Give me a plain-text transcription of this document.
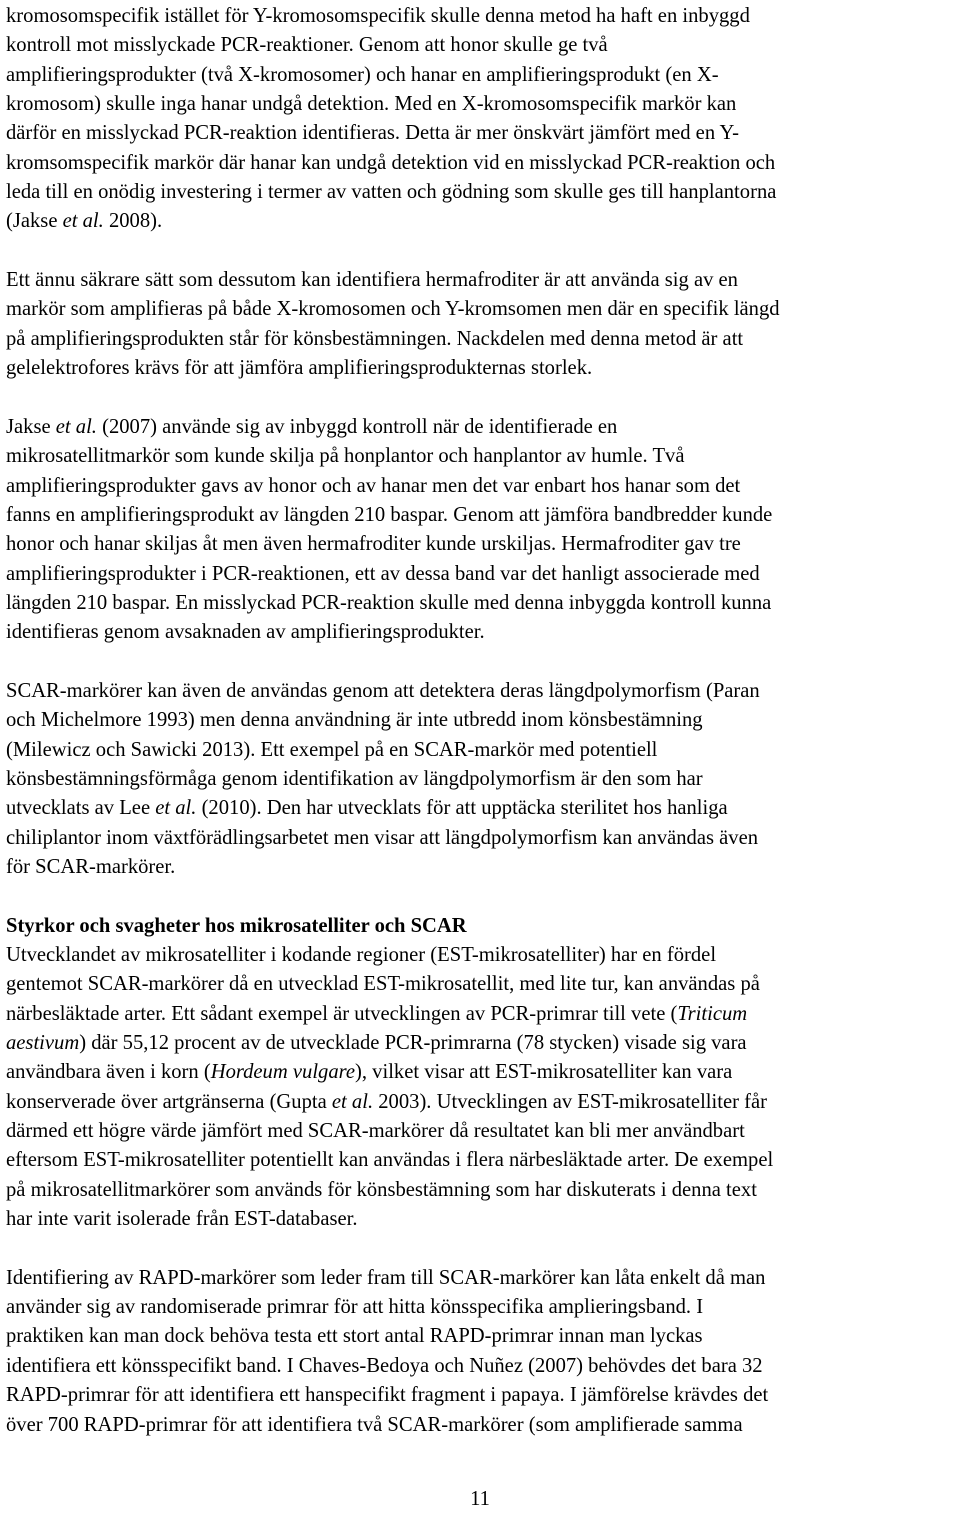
kromosomspecifik istället för Y-kromosomspecifik skulle denna metod ha haft en inbyggd
kontroll mot misslyckade PCR-reaktioner. Genom att honor skulle ge två
amplifieringsprodukter (två X-kromosomer) och hanar en amplifieringsprodukt (en X-
kromosom) skulle inga hanar undgå detektion. Med en X-kromosomspecifik markör kan
därför en misslyckad PCR-reaktion identifieras. Detta är mer önskvärt jämfört med en Y-
kromsomspecifik markör där hanar kan undgå detektion vid en misslyckad PCR-reaktion och
leda till en onödig investering i termer av vatten och gödning som skulle ges till hanplantorna
(Jakse et al. 2008).
Ett ännu säkrare sätt som dessutom kan identifiera hermafroditer är att använda sig av en
markör som amplifieras på både X-kromosomen och Y-kromsomen men där en specifik längd
på amplifieringsprodukten står för könsbestämningen. Nackdelen med denna metod är att
gelelektrofores krävs för att jämföra amplifieringsprodukternas storlek.
Jakse et al. (2007) använde sig av inbyggd kontroll när de identifierade en
mikrosatellitmarkör som kunde skilja på honplantor och hanplantor av humle. Två
amplifieringsprodukter gavs av honor och av hanar men det var enbart hos hanar som det
fanns en amplifieringsprodukt av längden 210 baspar. Genom att jämföra bandbredder kunde
honor och hanar skiljas åt men även hermafroditer kunde urskiljas. Hermafroditer gav tre
amplifieringsprodukter i PCR-reaktionen, ett av dessa band var det hanligt associerade med
längden 210 baspar. En misslyckad PCR-reaktion skulle med denna inbyggda kontroll kunna
identifieras genom avsaknaden av amplifieringsprodukter.
SCAR-markörer kan även de användas genom att detektera deras längdpolymorfism (Paran
och Michelmore 1993) men denna användning är inte utbredd inom könsbestämning
(Milewicz och Sawicki 2013). Ett exempel på en SCAR-markör med potentiell
könsbestämningsförmåga genom identifikation av längdpolymorfism är den som har
utvecklats av Lee et al. (2010). Den har utvecklats för att upptäcka sterilitet hos hanliga
chiliplantor inom växtförädlingsarbetet men visar att längdpolymorfism kan användas även
för SCAR-markörer.
Styrkor och svagheter hos mikrosatelliter och SCAR
Utvecklandet av mikrosatelliter i kodande regioner (EST-mikrosatelliter) har en fördel
gentemot SCAR-markörer då en utvecklad EST-mikrosatellit, med lite tur, kan användas på
närbesläktade arter. Ett sådant exempel är utvecklingen av PCR-primrar till vete (Triticum
aestivum) där 55,12 procent av de utvecklade PCR-primrarna (78 stycken) visade sig vara
användbara även i korn (Hordeum vulgare), vilket visar att EST-mikrosatelliter kan vara
konserverade över artgränserna (Gupta et al. 2003). Utvecklingen av EST-mikrosatelliter får
därmed ett högre värde jämfört med SCAR-markörer då resultatet kan bli mer användbart
eftersom EST-mikrosatelliter potentiellt kan användas i flera närbesläktade arter. De exempel
på mikrosatellitmarkörer som används för könsbestämning som har diskuterats i denna text
har inte varit isolerade från EST-databaser.
Identifiering av RAPD-markörer som leder fram till SCAR-markörer kan låta enkelt då man
använder sig av randomiserade primrar för att hitta könsspecifika amplieringsband. I
praktiken kan man dock behöva testa ett stort antal RAPD-primrar innan man lyckas
identifiera ett könsspecifikt band. I Chaves-Bedoya och Nuñez (2007) behövdes det bara 32
RAPD-primrar för att identifiera ett hanspecifikt fragment i papaya. I jämförelse krävdes det
över 700 RAPD-primrar för att identifiera två SCAR-markörer (som amplifierade samma
11
